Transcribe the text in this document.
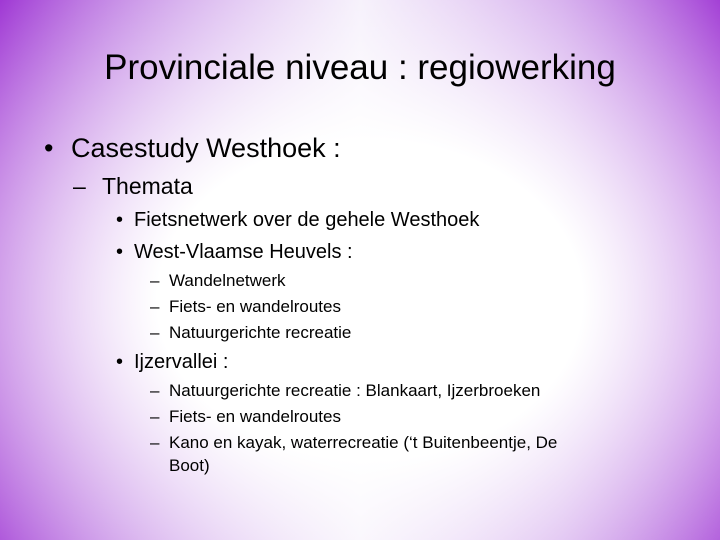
Provinciale niveau : regiowerking
• Casestudy Westhoek :
– Themata
• Fietsnetwerk over de gehele Westhoek
• West-Vlaamse Heuvels :
– Wandelnetwerk
– Fiets- en wandelroutes
– Natuurgerichte recreatie
• Ijzervallei :
– Natuurgerichte recreatie : Blankaart, Ijzerbroeken
– Fiets- en wandelroutes
– Kano en kayak, waterrecreatie (‘t Buitenbeentje, De
Boot)
